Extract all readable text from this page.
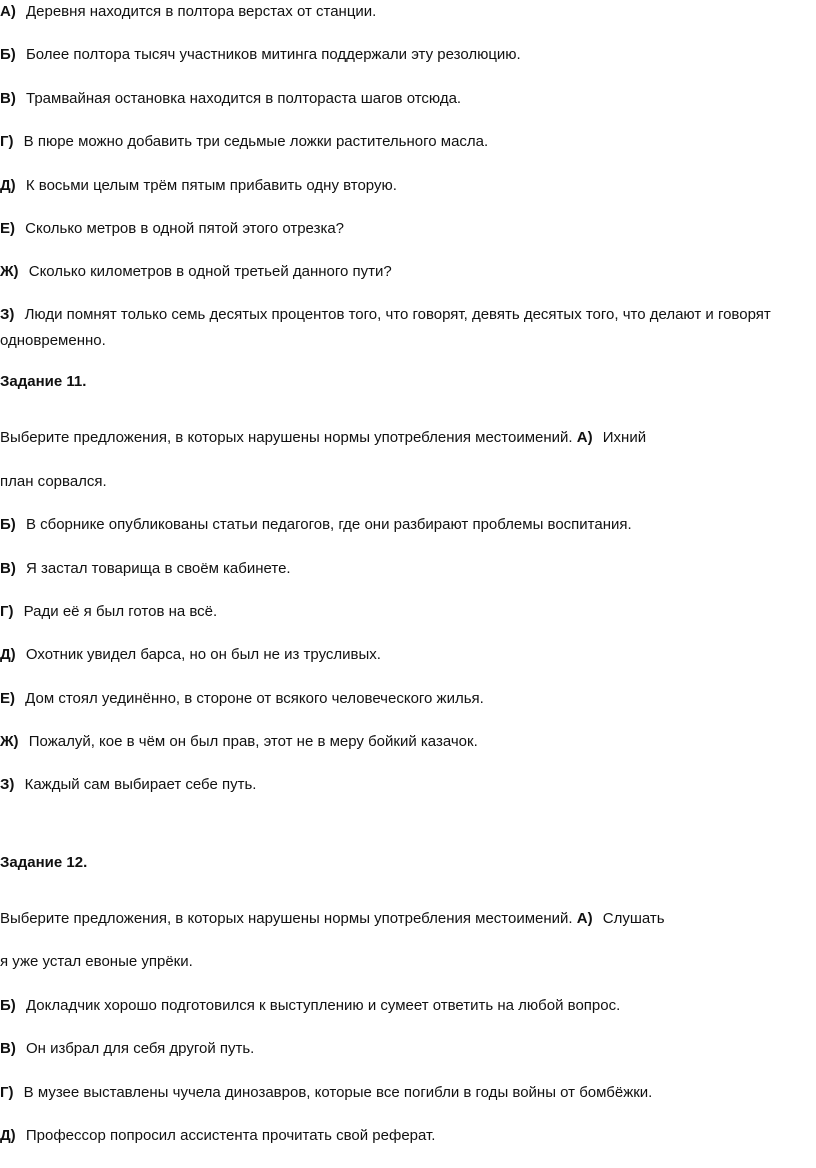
А) Деревня находится в полтора верстах от станции.
Б) Более полтора тысяч участников митинга поддержали эту резолюцию.
В) Трамвайная остановка находится в полтораста шагов отсюда.
Г) В пюре можно добавить три седьмые ложки растительного масла.
Д) К восьми целым трём пятым прибавить одну вторую.
Е) Сколько метров в одной пятой этого отрезка?
Ж) Сколько километров в одной третьей данного пути?
З) Люди помнят только семь десятых процентов того, что говорят, девять десятых того, что делают и говорят одновременно.
Задание 11.
Выберите предложения, в которых нарушены нормы употребления местоимений. А) Ихний
план сорвался.
Б) В сборнике опубликованы статьи педагогов, где они разбирают проблемы воспитания.
В) Я застал товарища в своём кабинете.
Г) Ради её я был готов на всё.
Д) Охотник увидел барса, но он был не из трусливых.
Е) Дом стоял уединённо, в стороне от всякого человеческого жилья.
Ж) Пожалуй, кое в чём он был прав, этот не в меру бойкий казачок.
З) Каждый сам выбирает себе путь.
Задание 12.
Выберите предложения, в которых нарушены нормы употребления местоимений. А) Слушать
я уже устал евоные упрёки.
Б) Докладчик хорошо подготовился к выступлению и сумеет ответить на любой вопрос.
В) Он избрал для себя другой путь.
Г) В музее выставлены чучела динозавров, которые все погибли в годы войны от бомбёжки.
Д) Профессор попросил ассистента прочитать свой реферат.
